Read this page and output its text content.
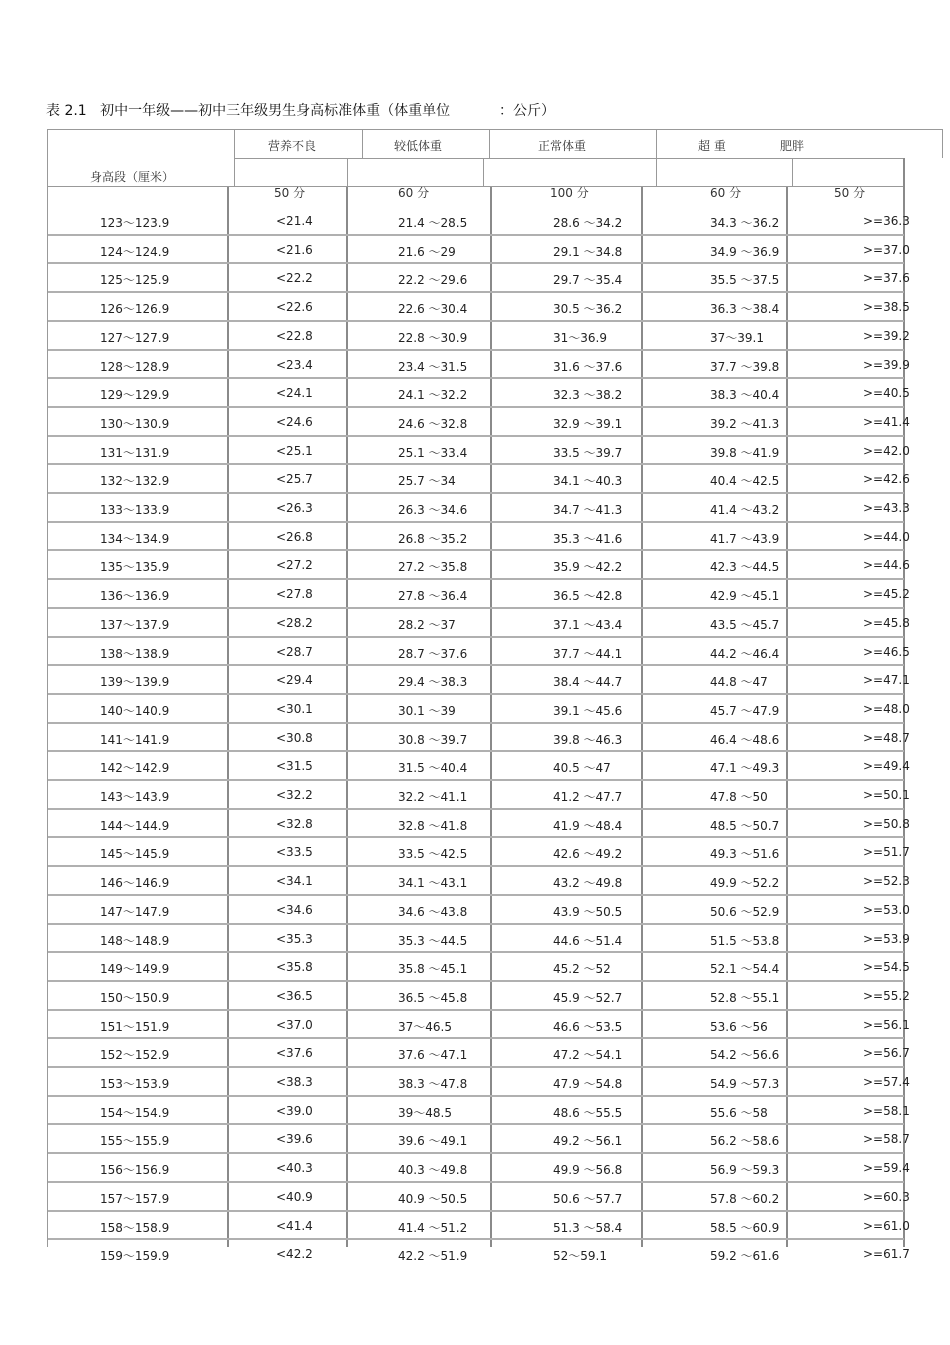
表 2.1 初中一年级——初中三年级男生身高标准体重（体重单位	：公斤）
身高段（厘米）
营养不良	较低体重	正常体重	超 重	肥胖
50 分	60 分	100 分	60 分	50 分
123～123.9	<21.4	21.4 ～28.5	28.6 ～34.2	34.3 ～36.2	>=36.3
124～124.9	<21.6	21.6 ～29	29.1 ～34.8	34.9 ～36.9	>=37.0
125～125.9	<22.2	22.2 ～29.6	29.7 ～35.4	35.5 ～37.5	>=37.6
126～126.9	<22.6	22.6 ～30.4	30.5 ～36.2	36.3 ～38.4	>=38.5
127～127.9	<22.8	22.8 ～30.9	31～36.9	37～39.1	>=39.2
128～128.9	<23.4	23.4 ～31.5	31.6 ～37.6	37.7 ～39.8	>=39.9
129～129.9	<24.1	24.1 ～32.2	32.3 ～38.2	38.3 ～40.4	>=40.5
130～130.9	<24.6	24.6 ～32.8	32.9 ～39.1	39.2 ～41.3	>=41.4
131～131.9	<25.1	25.1 ～33.4	33.5 ～39.7	39.8 ～41.9	>=42.0
132～132.9	<25.7	25.7 ～34	34.1 ～40.3	40.4 ～42.5	>=42.6
133～133.9	<26.3	26.3 ～34.6	34.7 ～41.3	41.4 ～43.2	>=43.3
134～134.9	<26.8	26.8 ～35.2	35.3 ～41.6	41.7 ～43.9	>=44.0
135～135.9	<27.2	27.2 ～35.8	35.9 ～42.2	42.3 ～44.5	>=44.6
136～136.9	<27.8	27.8 ～36.4	36.5 ～42.8	42.9 ～45.1	>=45.2
137～137.9	<28.2	28.2 ～37	37.1 ～43.4	43.5 ～45.7	>=45.8
138～138.9	<28.7	28.7 ～37.6	37.7 ～44.1	44.2 ～46.4	>=46.5
139～139.9	<29.4	29.4 ～38.3	38.4 ～44.7	44.8 ～47	>=47.1
140～140.9	<30.1	30.1 ～39	39.1 ～45.6	45.7 ～47.9	>=48.0
141～141.9	<30.8	30.8 ～39.7	39.8 ～46.3	46.4 ～48.6	>=48.7
142～142.9	<31.5	31.5 ～40.4	40.5 ～47	47.1 ～49.3	>=49.4
143～143.9	<32.2	32.2 ～41.1	41.2 ～47.7	47.8 ～50	>=50.1
144～144.9	<32.8	32.8 ～41.8	41.9 ～48.4	48.5 ～50.7	>=50.8
145～145.9	<33.5	33.5 ～42.5	42.6 ～49.2	49.3 ～51.6	>=51.7
146～146.9	<34.1	34.1 ～43.1	43.2 ～49.8	49.9 ～52.2	>=52.3
147～147.9	<34.6	34.6 ～43.8	43.9 ～50.5	50.6 ～52.9	>=53.0
148～148.9	<35.3	35.3 ～44.5	44.6 ～51.4	51.5 ～53.8	>=53.9
149～149.9	<35.8	35.8 ～45.1	45.2 ～52	52.1 ～54.4	>=54.5
150～150.9	<36.5	36.5 ～45.8	45.9 ～52.7	52.8 ～55.1	>=55.2
151～151.9	<37.0	37～46.5	46.6 ～53.5	53.6 ～56	>=56.1
152～152.9	<37.6	37.6 ～47.1	47.2 ～54.1	54.2 ～56.6	>=56.7
153～153.9	<38.3	38.3 ～47.8	47.9 ～54.8	54.9 ～57.3	>=57.4
154～154.9	<39.0	39～48.5	48.6 ～55.5	55.6 ～58	>=58.1
155～155.9	<39.6	39.6 ～49.1	49.2 ～56.1	56.2 ～58.6	>=58.7
156～156.9	<40.3	40.3 ～49.8	49.9 ～56.8	56.9 ～59.3	>=59.4
157～157.9	<40.9	40.9 ～50.5	50.6 ～57.7	57.8 ～60.2	>=60.3
158～158.9	<41.4	41.4 ～51.2	51.3 ～58.4	58.5 ～60.9	>=61.0
159～159.9	<42.2	42.2 ～51.9	52～59.1	59.2 ～61.6	>=61.7
